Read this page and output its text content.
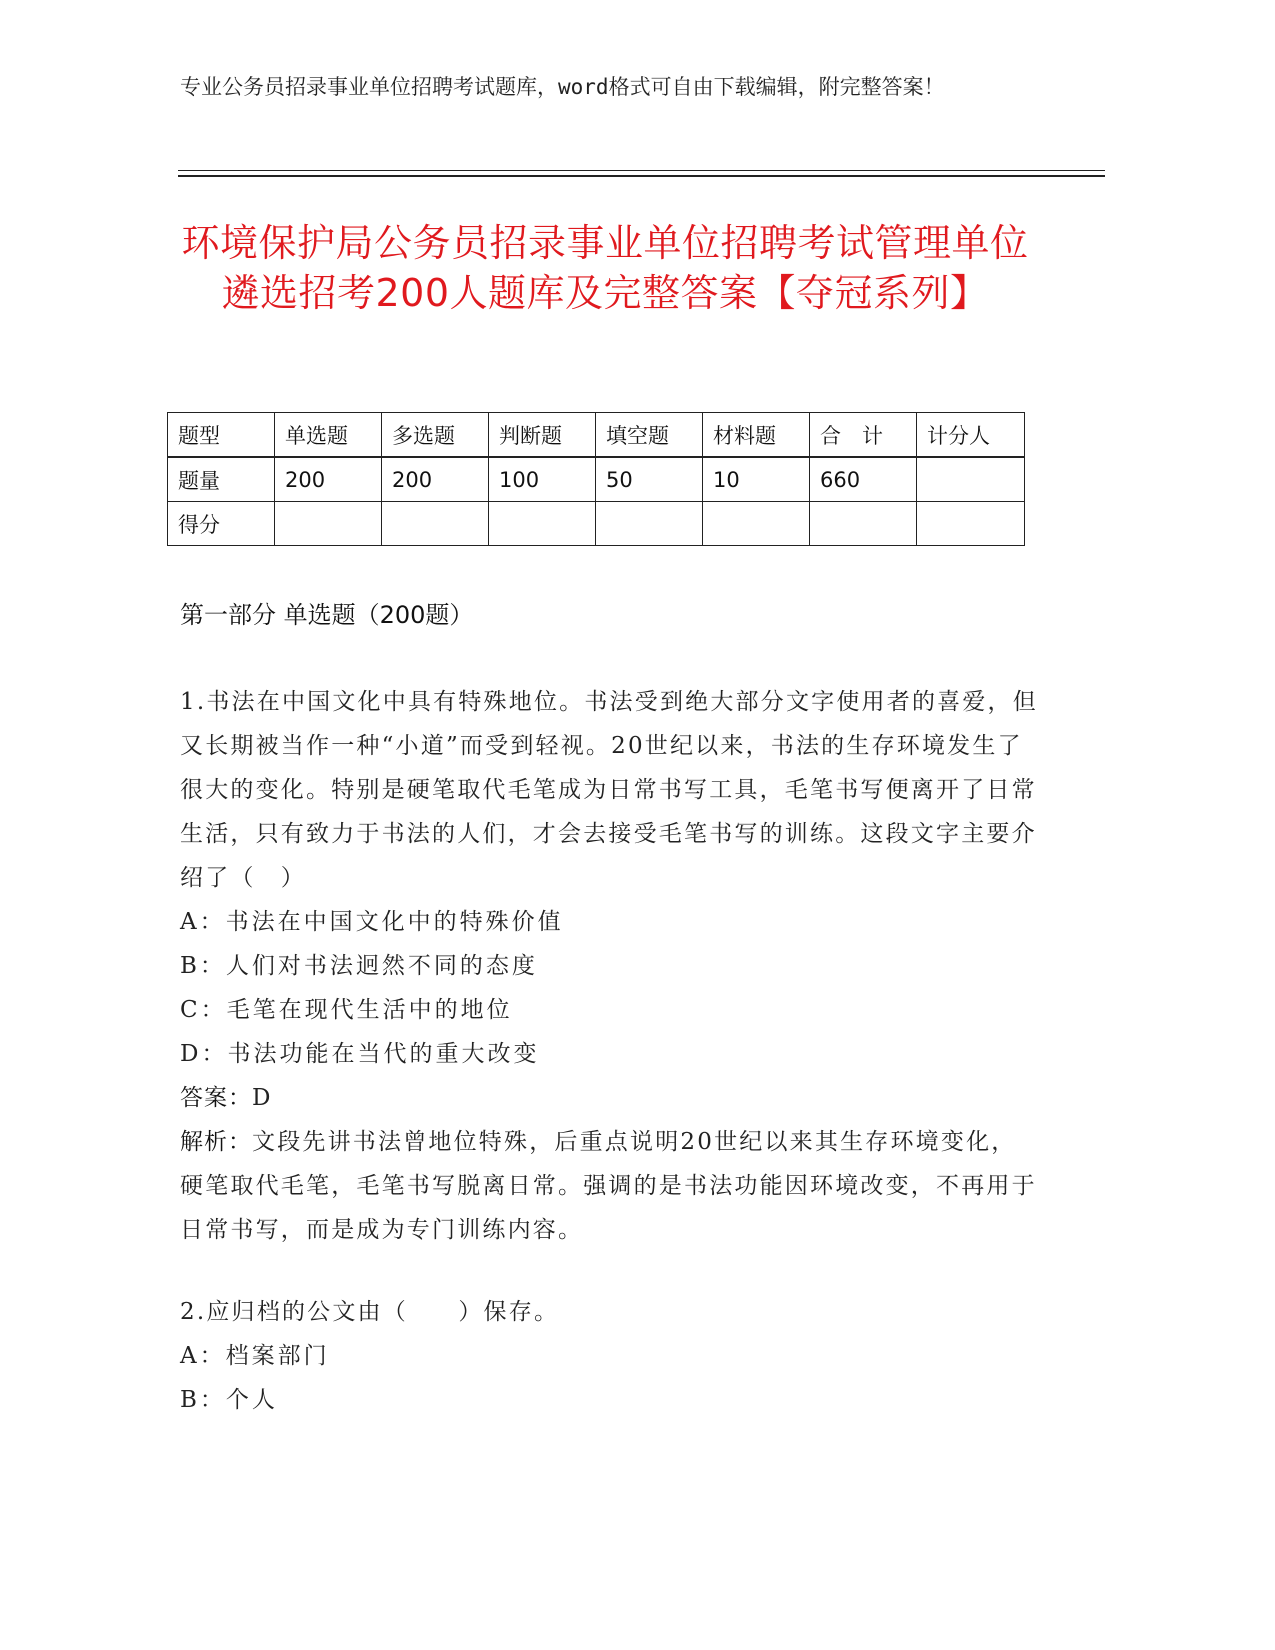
专业公务员招录事业单位招聘考试题库，word格式可自由下载编辑，附完整答案！
环境保护局公务员招录事业单位招聘考试管理单位遴选招考200人题库及完整答案【夺冠系列】
题型	单选题	多选题	判断题	填空题	材料题	合　计	计分人
题量	200	200	100	50	10	660	
得分							
第一部分 单选题（200题）

1.书法在中国文化中具有特殊地位。书法受到绝大部分文字使用者的喜爱，但又长期被当作一种“小道”而受到轻视。20世纪以来，书法的生存环境发生了很大的变化。特别是硬笔取代毛笔成为日常书写工具，毛笔书写便离开了日常生活，只有致力于书法的人们，才会去接受毛笔书写的训练。这段文字主要介绍了（　）

A：书法在中国文化中的特殊价值

B：人们对书法迥然不同的态度

C：毛笔在现代生活中的地位

D：书法功能在当代的重大改变

答案：D

解析：文段先讲书法曾地位特殊，后重点说明20世纪以来其生存环境变化，硬笔取代毛笔，毛笔书写脱离日常。强调的是书法功能因环境改变，不再用于日常书写，而是成为专门训练内容。

2.应归档的公文由（　　）保存。

A：档案部门

B：个人
